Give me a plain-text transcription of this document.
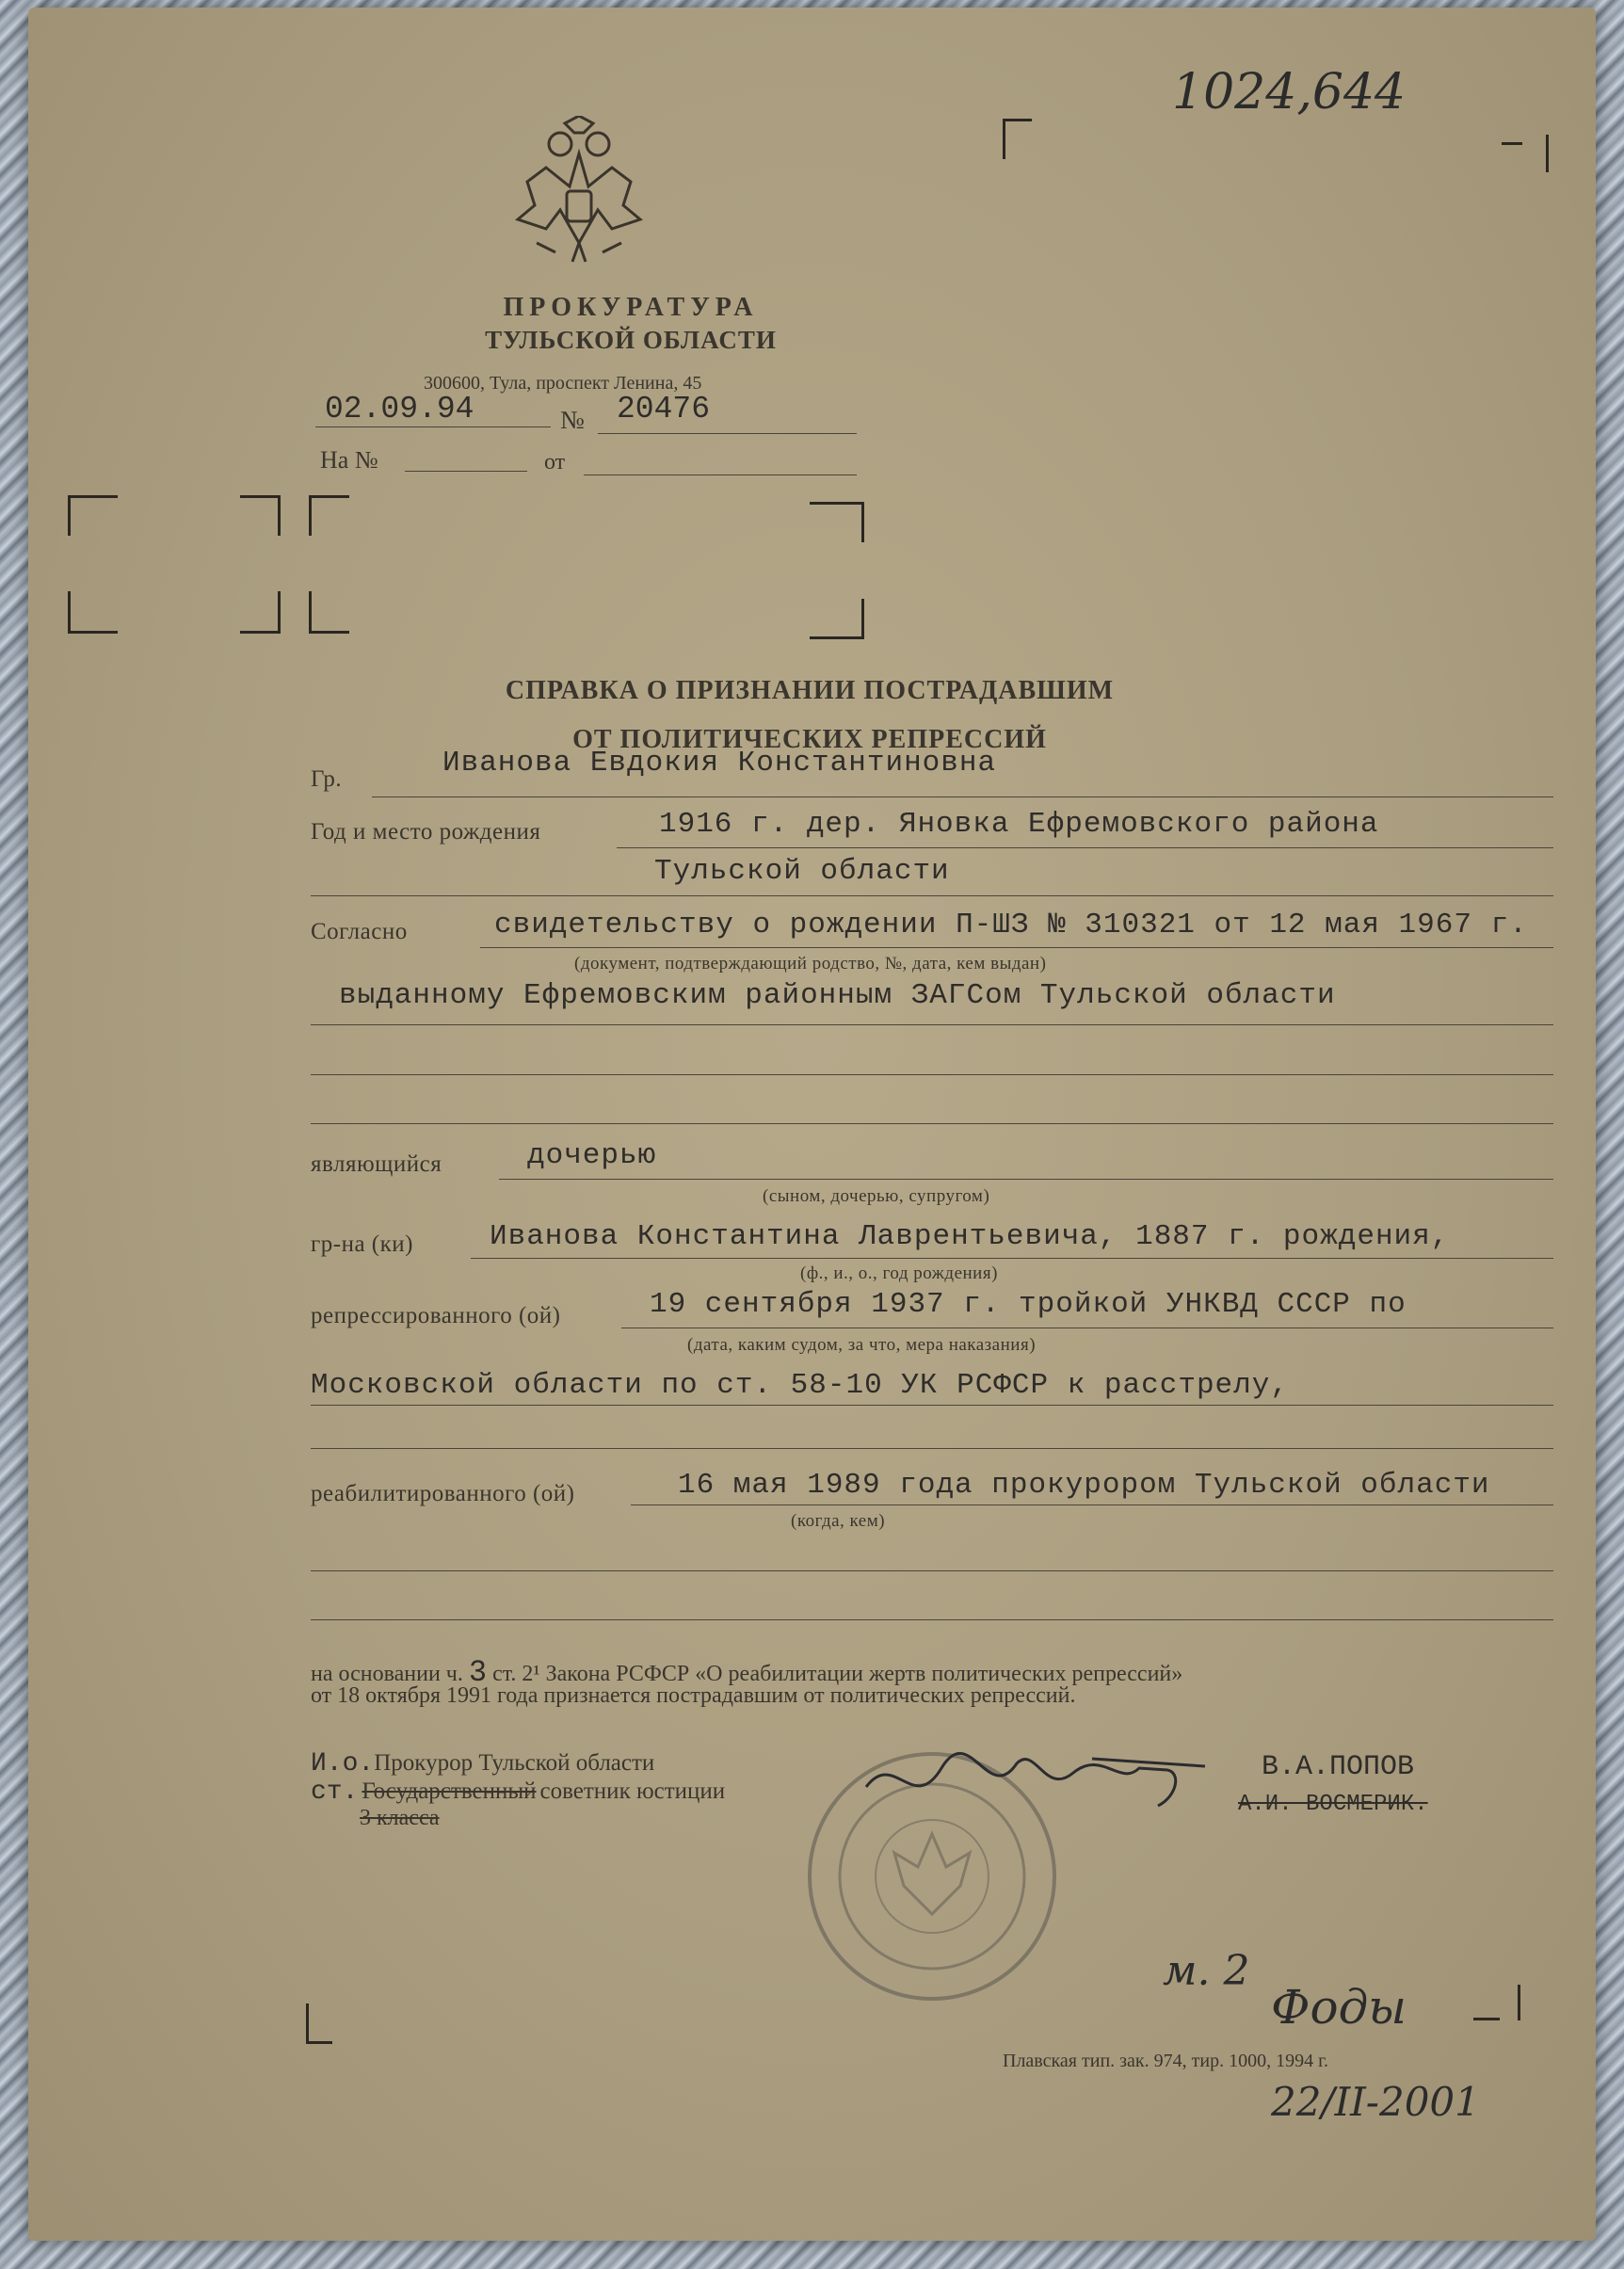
1024,644
ПРОКУРАТУРА
ТУЛЬСКОЙ ОБЛАСТИ
300600, Тула, проспект Ленина, 45
02.09.94	№ 20476
На №	от
СПРАВКА О ПРИЗНАНИИ ПОСТРАДАВШИМ
ОТ ПОЛИТИЧЕСКИХ РЕПРЕССИЙ
Гр.	Иванова Евдокия Константиновна
Год и место рождения	1916 г. дер. Яновка Ефремовского района
Тульской области
Согласно	свидетельству о рождении П-ШЗ № 310321 от 12 мая 1967 г.
(документ, подтверждающий родство, №, дата, кем выдан)
выданному Ефремовским районным ЗАГСом Тульской области
являющийся	дочерью
(сыном, дочерью, супругом)
гр-на (ки)	Иванова Константина Лаврентьевича, 1887 г. рождения,
(ф., и., о., год рождения)
репрессированного (ой)	19 сентября 1937 г. тройкой УНКВД СССР по
(дата, каким судом, за что, мера наказания)
Московской области по ст. 58-10 УК РСФСР к расстрелу,
реабилитированного (ой)	16 мая 1989 года прокурором Тульской области
(когда, кем)
на основании ч. 3 ст. 2¹ Закона РСФСР «О реабилитации жертв политических репрессий»
от 18 октября 1991 года признается пострадавшим от политических репрессий.
И.о.Прокурор Тульской области
ст. Государственный советник юстиции
3 класса
В.А.ПОПОВ
А.И. ВОСМЕРИК.
м. 2
Фоды
Плавская тип. зак. 974, тир. 1000, 1994 г.
22/II-2001
